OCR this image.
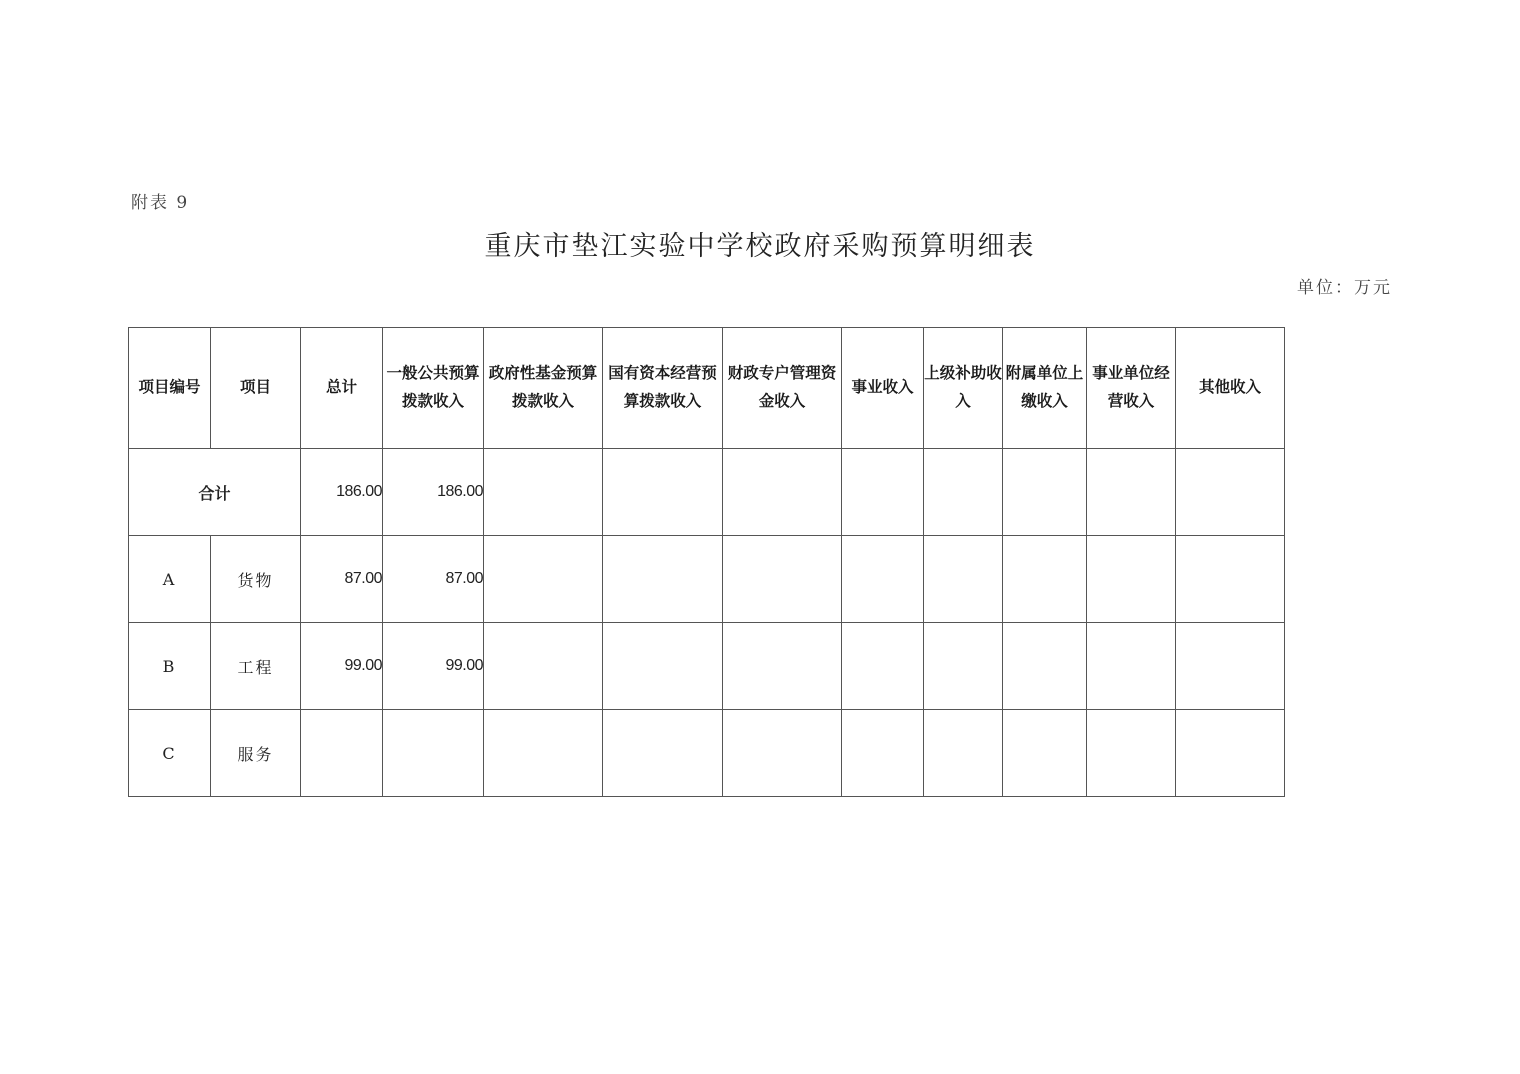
附表 9
重庆市垫江实验中学校政府采购预算明细表
单位：万元
项目编号	项目	总计	一般公共预算拨款收入	政府性基金预算拨款收入	国有资本经营预算拨款收入	财政专户管理资金收入	事业收入	上级补助收入	附属单位上缴收入	事业单位经营收入	其他收入
合计		186.00	186.00								
A	货物	87.00	87.00								
B	工程	99.00	99.00								
C	服务										
